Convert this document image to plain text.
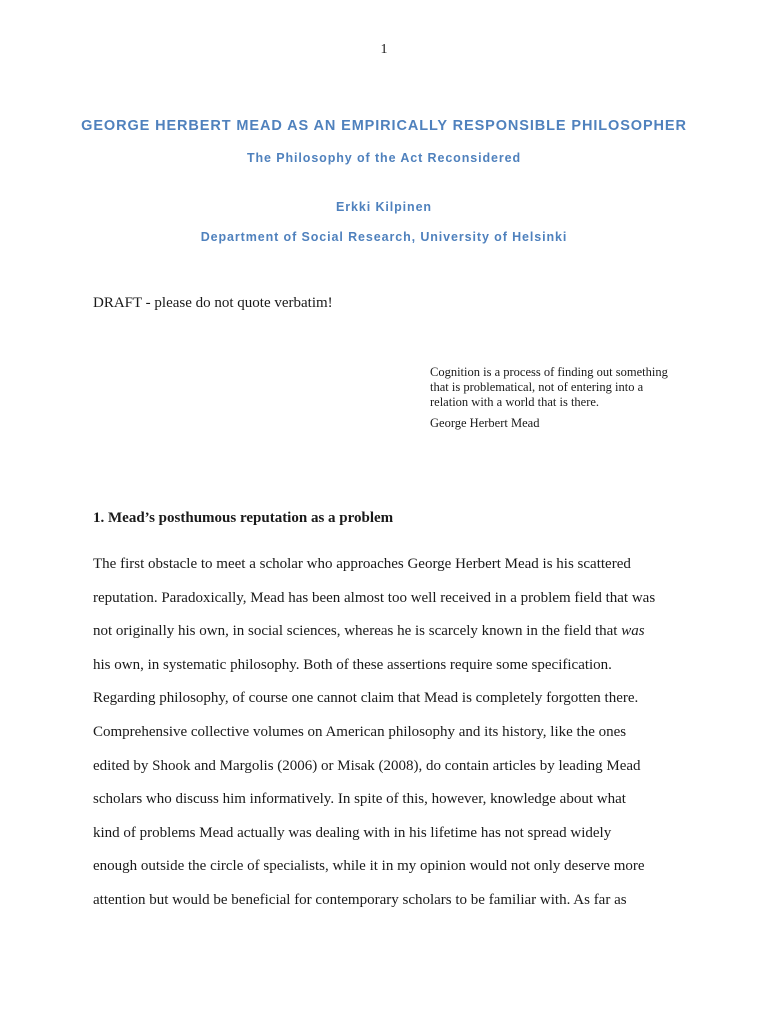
1
GEORGE HERBERT MEAD AS AN EMPIRICALLY RESPONSIBLE PHILOSOPHER
The Philosophy of the Act Reconsidered
Erkki Kilpinen
Department of Social Research, University of Helsinki
DRAFT - please do not quote verbatim!
Cognition is a process of finding out something that is problematical, not of entering into a relation with a world that is there.
George Herbert Mead
1. Mead’s posthumous reputation as a problem
The first obstacle to meet a scholar who approaches George Herbert Mead is his scattered
reputation. Paradoxically, Mead has been almost too well received in a problem field that was
not originally his own, in social sciences, whereas he is scarcely known in the field that was
his own, in systematic philosophy. Both of these assertions require some specification.
Regarding philosophy, of course one cannot claim that Mead is completely forgotten there.
Comprehensive collective volumes on American philosophy and its history, like the ones
edited by Shook and Margolis (2006) or Misak (2008), do contain articles by leading Mead
scholars who discuss him informatively. In spite of this, however, knowledge about what
kind of problems Mead actually was dealing with in his lifetime has not spread widely
enough outside the circle of specialists, while it in my opinion would not only deserve more
attention but would be beneficial for contemporary scholars to be familiar with. As far as
